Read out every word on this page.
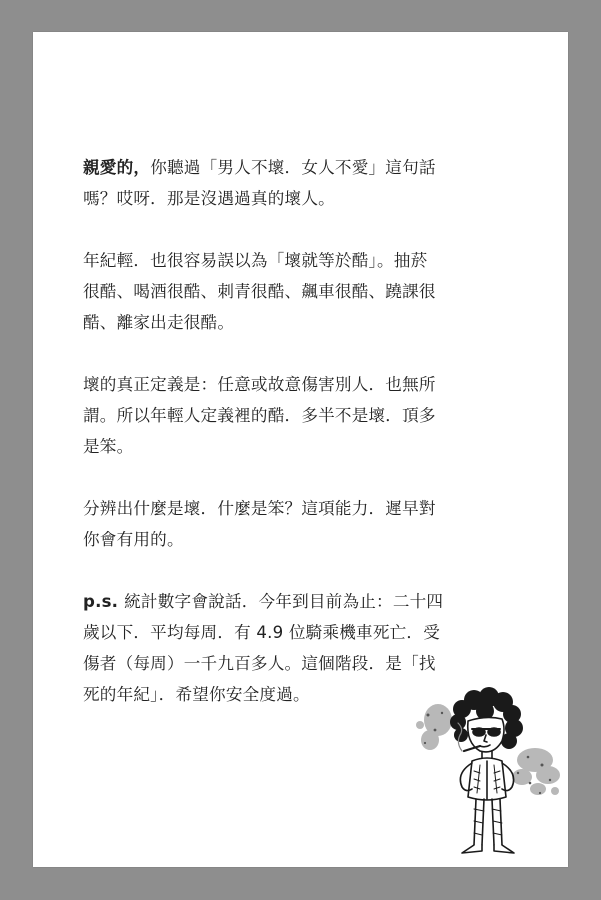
親愛的，你聽過「男人不壞．女人不愛」這句話
嗎？哎呀．那是沒遇過真的壞人。
年紀輕．也很容易誤以為「壞就等於酷」。抽菸
很酷、喝酒很酷、刺青很酷、飆車很酷、蹺課很
酷、離家出走很酷。
壞的真正定義是：任意或故意傷害別人．也無所
謂。所以年輕人定義裡的酷．多半不是壞．頂多
是笨。
分辨出什麼是壞．什麼是笨？這項能力．遲早對
你會有用的。
p.s. 統計數字會說話．今年到目前為止：二十四
歲以下．平均每周．有 4.9 位騎乘機車死亡．受
傷者（每周）一千九百多人。這個階段．是「找
死的年紀」．希望你安全度過。
